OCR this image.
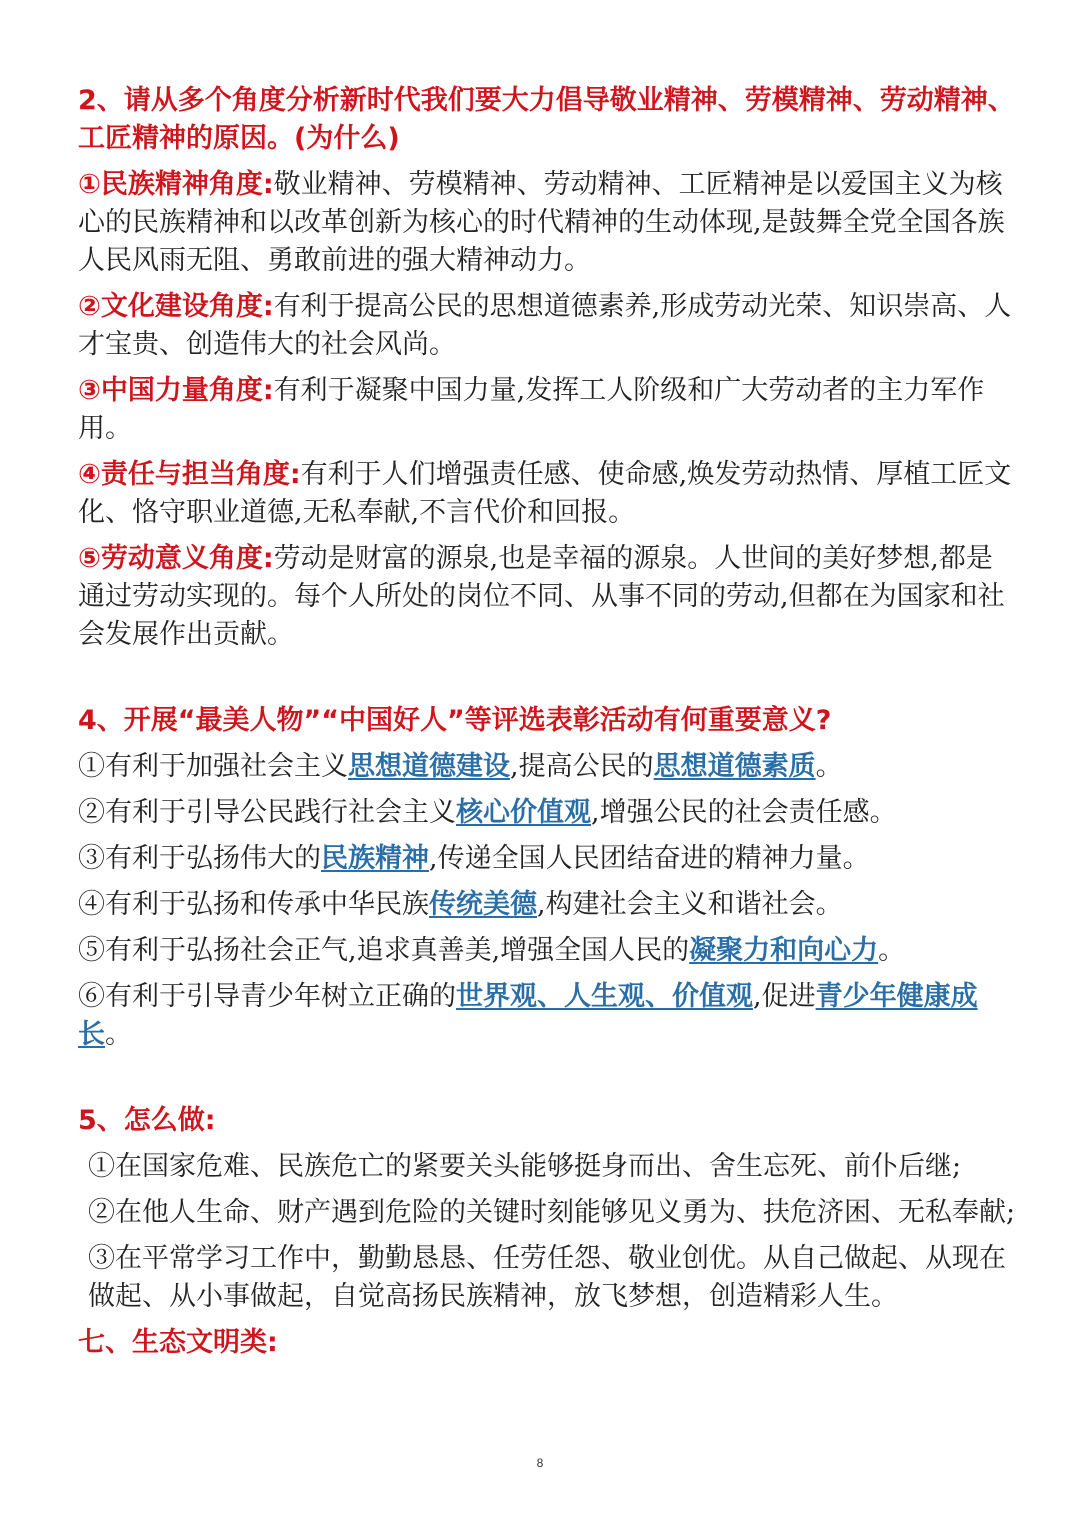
2、请从多个角度分析新时代我们要大力倡导敬业精神、劳模精神、劳动精神、工匠精神的原因。(为什么)

①民族精神角度:敬业精神、劳模精神、劳动精神、工匠精神是以爱国主义为核心的民族精神和以改革创新为核心的时代精神的生动体现,是鼓舞全党全国各族人民风雨无阻、勇敢前进的强大精神动力。

②文化建设角度:有利于提高公民的思想道德素养,形成劳动光荣、知识崇高、人才宝贵、创造伟大的社会风尚。

③中国力量角度:有利于凝聚中国力量,发挥工人阶级和广大劳动者的主力军作用。

④责任与担当角度:有利于人们增强责任感、使命感,焕发劳动热情、厚植工匠文化、恪守职业道德,无私奉献,不言代价和回报。

⑤劳动意义角度:劳动是财富的源泉,也是幸福的源泉。人世间的美好梦想,都是通过劳动实现的。每个人所处的岗位不同、从事不同的劳动,但都在为国家和社会发展作出贡献。

4、开展“最美人物”“中国好人”等评选表彰活动有何重要意义?

①有利于加强社会主义思想道德建设,提高公民的思想道德素质。

②有利于引导公民践行社会主义核心价值观,增强公民的社会责任感。

③有利于弘扬伟大的民族精神,传递全国人民团结奋进的精神力量。

④有利于弘扬和传承中华民族传统美德,构建社会主义和谐社会。

⑤有利于弘扬社会正气,追求真善美,增强全国人民的凝聚力和向心力。

⑥有利于引导青少年树立正确的世界观、人生观、价值观,促进青少年健康成长。

5、怎么做:

①在国家危难、民族危亡的紧要关头能够挺身而出、舍生忘死、前仆后继;

②在他人生命、财产遇到危险的关键时刻能够见义勇为、扶危济困、无私奉献;

③在平常学习工作中，勤勤恳恳、任劳任怨、敬业创优。从自己做起、从现在做起、从小事做起，自觉高扬民族精神，放飞梦想，创造精彩人生。

七、生态文明类:

8
